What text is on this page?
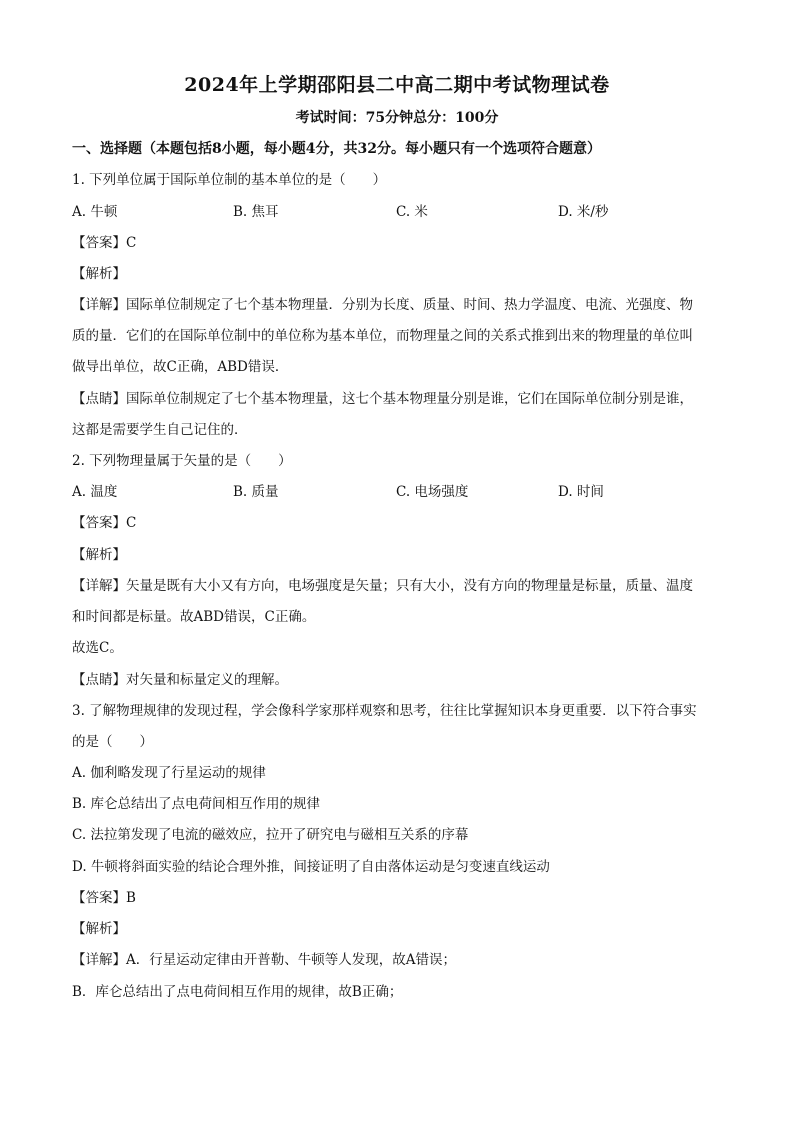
2024年上学期邵阳县二中高二期中考试物理试卷
考试时间：75分钟总分：100分
一、选择题（本题包括8小题，每小题4分，共32分。每小题只有一个选项符合题意）
1. 下列单位属于国际单位制的基本单位的是（　　）
A. 牛顿	B. 焦耳	C. 米	D. 米/秒
【答案】C
【解析】
【详解】国际单位制规定了七个基本物理量．分别为长度、质量、时间、热力学温度、电流、光强度、物
质的量．它们的在国际单位制中的单位称为基本单位，而物理量之间的关系式推到出来的物理量的单位叫
做导出单位，故C正确，ABD错误．
【点睛】国际单位制规定了七个基本物理量，这七个基本物理量分别是谁，它们在国际单位制分别是谁，
这都是需要学生自己记住的．
2. 下列物理量属于矢量的是（　　）
A. 温度	B. 质量	C. 电场强度	D. 时间
【答案】C
【解析】
【详解】矢量是既有大小又有方向，电场强度是矢量；只有大小，没有方向的物理量是标量，质量、温度
和时间都是标量。故ABD错误，C正确。
故选C。
【点睛】对矢量和标量定义的理解。
3. 了解物理规律的发现过程，学会像科学家那样观察和思考，往往比掌握知识本身更重要．以下符合事实
的是（　　）
A. 伽利略发现了行星运动的规律
B. 库仑总结出了点电荷间相互作用的规律
C. 法拉第发现了电流的磁效应，拉开了研究电与磁相互关系的序幕
D. 牛顿将斜面实验的结论合理外推，间接证明了自由落体运动是匀变速直线运动
【答案】B
【解析】
【详解】A．行星运动定律由开普勒、牛顿等人发现，故A错误；
B．库仑总结出了点电荷间相互作用的规律，故B正确；
